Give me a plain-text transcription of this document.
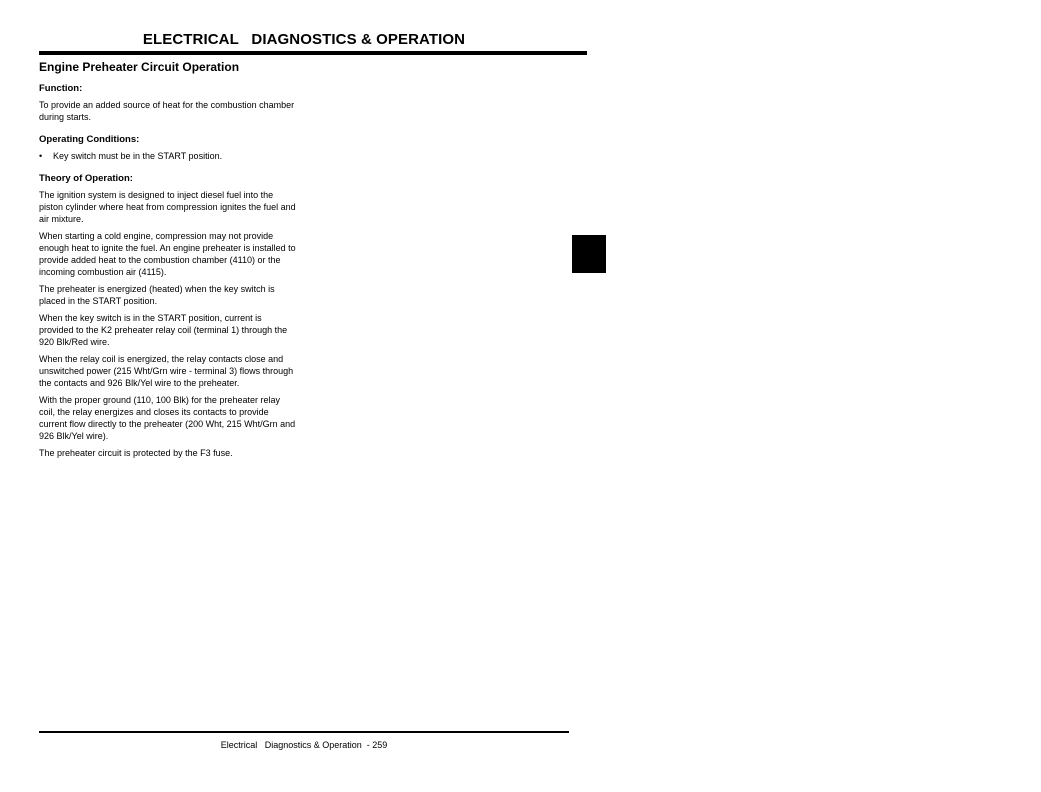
ELECTRICAL   DIAGNOSTICS & OPERATION
Engine Preheater Circuit Operation
Function:
To provide an added source of heat for the combustion chamber during starts.
Operating Conditions:
• Key switch must be in the START position.
Theory of Operation:
The ignition system is designed to inject diesel fuel into the piston cylinder where heat from compression ignites the fuel and air mixture.
When starting a cold engine, compression may not provide enough heat to ignite the fuel. An engine preheater is installed to provide added heat to the combustion chamber (4110) or the incoming combustion air (4115).
The preheater is energized (heated) when the key switch is placed in the START position.
When the key switch is in the START position, current is provided to the K2 preheater relay coil (terminal 1) through the 920 Blk/Red wire.
When the relay coil is energized, the relay contacts close and unswitched power (215 Wht/Grn wire - terminal 3) flows through the contacts and 926 Blk/Yel wire to the preheater.
With the proper ground (110, 100 Blk) for the preheater relay coil, the relay energizes and closes its contacts to provide current flow directly to the preheater (200 Wht, 215 Wht/Grn and 926 Blk/Yel wire).
The preheater circuit is protected by the F3 fuse.
Electrical   Diagnostics & Operation  - 259
